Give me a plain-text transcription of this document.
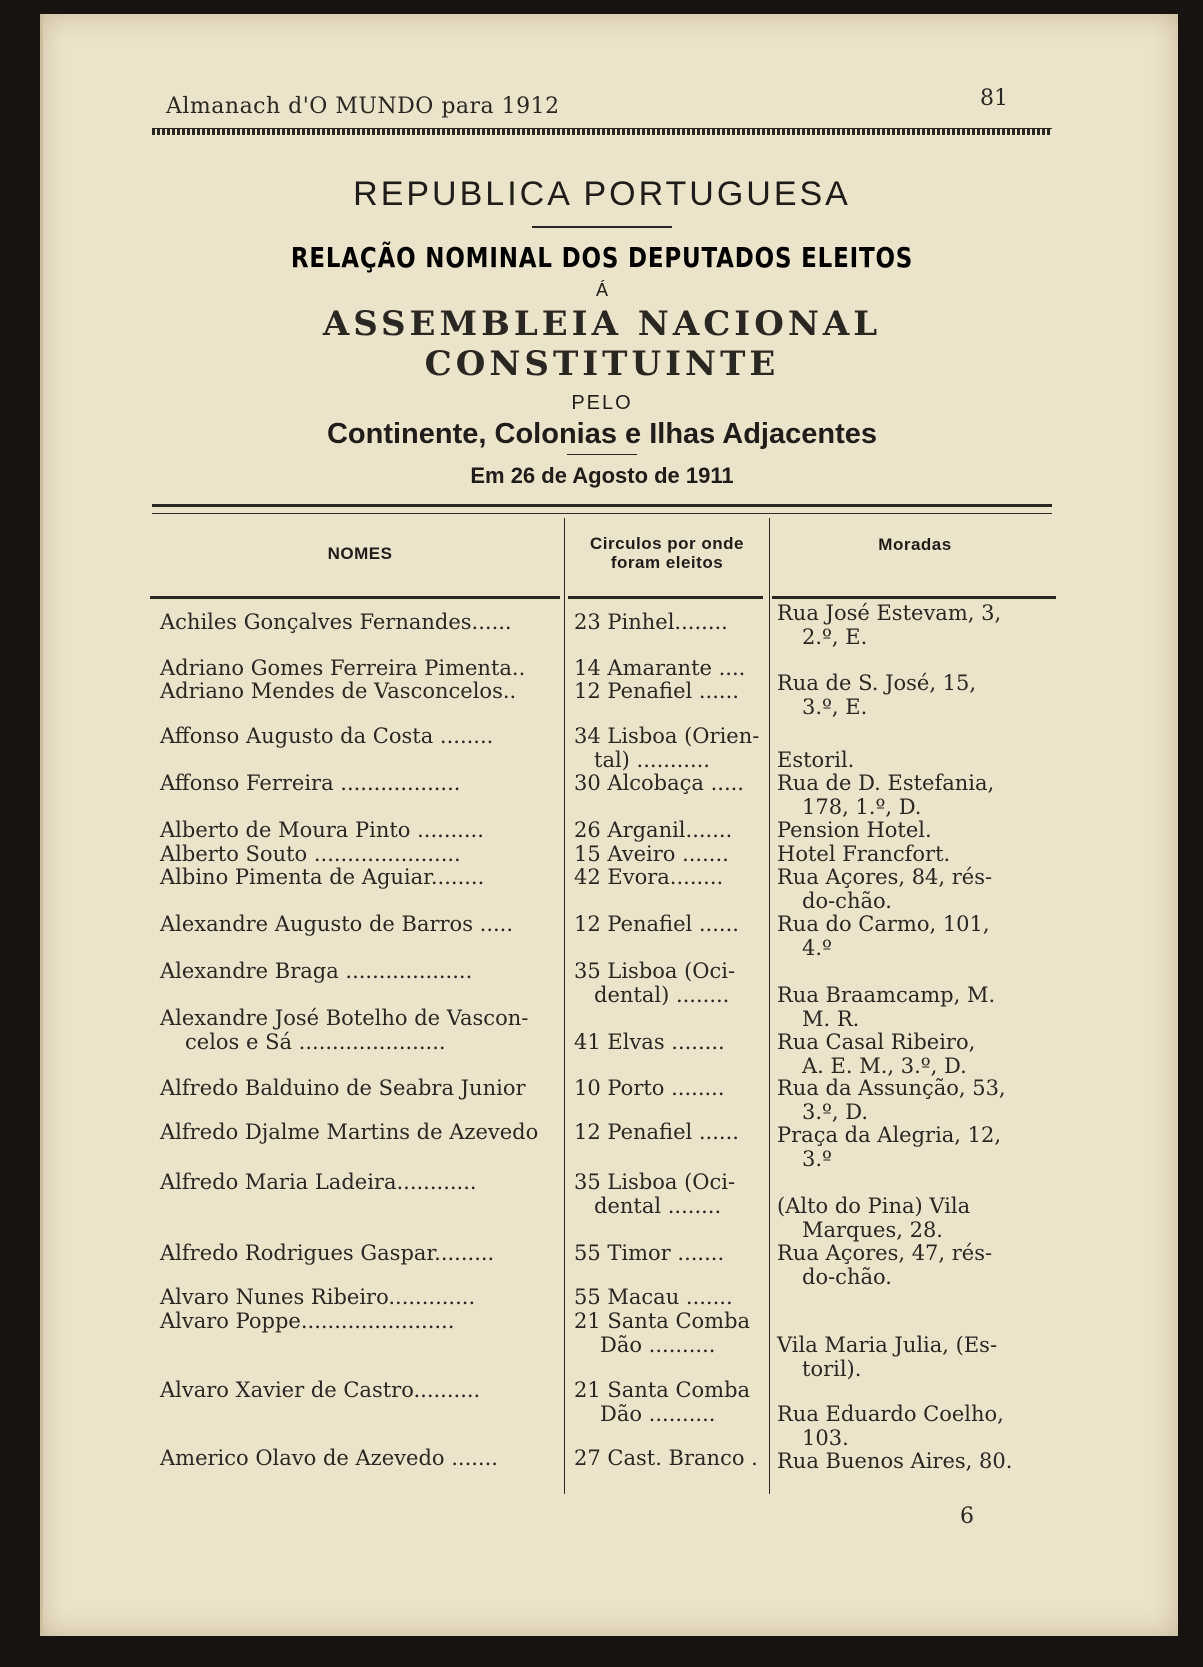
Almanach d'O MUNDO para 1912	81

REPUBLICA PORTUGUESA

RELAÇÃO NOMINAL DOS DEPUTADOS ELEITOS

Á

ASSEMBLEIA NACIONAL CONSTITUINTE

PELO

Continente, Colonias e Ilhas Adjacentes

Em 26 de Agosto de 1911

NOMES
Circulos por onde
foram eleitos
Moradas
Achiles Gonçalves Fernandes......
Adriano Gomes Ferreira Pimenta..
Adriano Mendes de Vasconcelos..
Affonso Augusto da Costa ........
Affonso Ferreira ..................
Alberto de Moura Pinto ..........
Alberto Souto ......................
Albino Pimenta de Aguiar........
Alexandre Augusto de Barros .....
Alexandre Braga ...................
Alexandre José Botelho de Vascon-
celos e Sá ......................
Alfredo Balduino de Seabra Junior
Alfredo Djalme Martins de Azevedo
Alfredo Maria Ladeira............
Alfredo Rodrigues Gaspar.........
Alvaro Nunes Ribeiro.............
Alvaro Poppe.......................
Alvaro Xavier de Castro..........
Americo Olavo de Azevedo .......
23 Pinhel........
14 Amarante ....
12 Penafiel ......
34 Lisboa (Orien-
tal) ...........
30 Alcobaça .....
26 Arganil.......
15 Aveiro .......
42 Evora........
12 Penafiel ......
35 Lisboa (Oci-
dental) ........
41 Elvas ........
10 Porto ........
12 Penafiel ......
35 Lisboa (Oci-
dental ........
55 Timor .......
55 Macau .......
21 Santa Comba
Dão ..........
21 Santa Comba
Dão ..........
27 Cast. Branco .
Rua José Estevam, 3,
2.º, E.
Rua de S. José, 15,
3.º, E.
Estoril.
Rua de D. Estefania,
178, 1.º, D.
Pension Hotel.
Hotel Francfort.
Rua Açores, 84, rés-
do-chão.
Rua do Carmo, 101,
4.º
Rua Braamcamp, M.
M. R.
Rua Casal Ribeiro,
A. E. M., 3.º, D.
Rua da Assunção, 53,
3.º, D.
Praça da Alegria, 12,
3.º
(Alto do Pina) Vila
Marques, 28.
Rua Açores, 47, rés-
do-chão.
Vila Maria Julia, (Es-
toril).
Rua Eduardo Coelho,
103.
Rua Buenos Aires, 80.
6
